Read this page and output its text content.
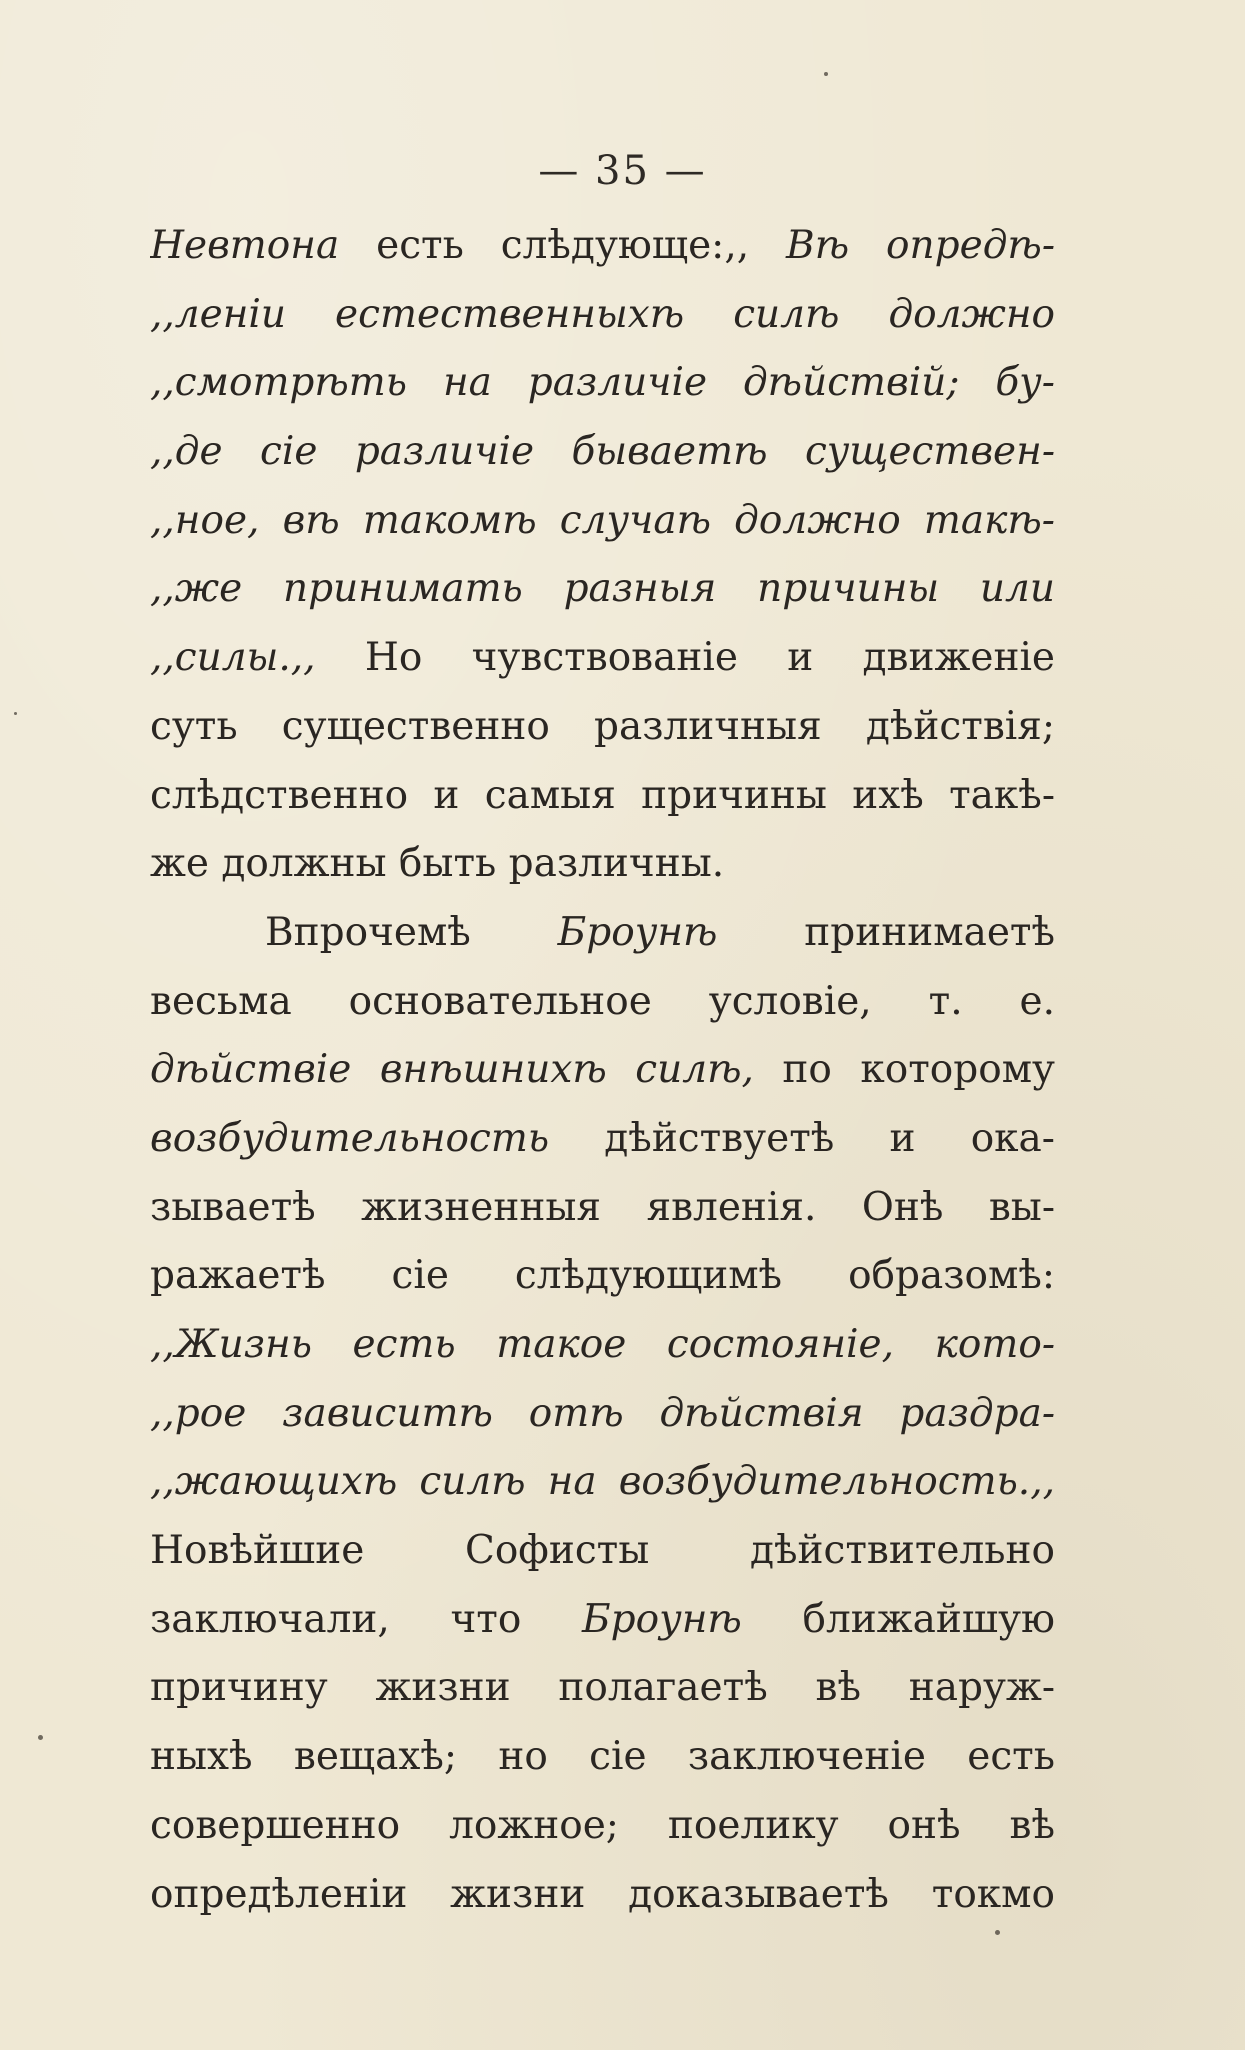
— 35 —
Невтона есть слѣдующе:,, Вѣ опредѣ-
,,леніи естественныхѣ силѣ должно
,,смотрѣть на различіе дѣйствій; бу-
,,де сіе различіе бываетѣ существен-
,,ное, вѣ такомѣ случаѣ должно такѣ-
,,же принимать разныя причины или
,,силы.,, Но чувствованіе и движеніе
суть существенно различныя дѣйствія;
слѣдственно и самыя причины ихѣ такѣ-
же должны быть различны.
Впрочемѣ Броунѣ принимаетѣ
весьма основательное условіе, т. е.
дѣйствіе внѣшнихѣ силѣ, по которому
возбудительность дѣйствуетѣ и ока-
зываетѣ жизненныя явленія. Онѣ вы-
ражаетѣ сіе слѣдующимѣ образомѣ:
,,Жизнь есть такое состояніе, кото-
,,рое зависитѣ отѣ дѣйствія раздра-
,,жающихѣ силѣ на возбудительность.,,
Новѣйшие Софисты дѣйствительно
заключали, что Броунѣ ближайшую
причину жизни полагаетѣ вѣ наруж-
ныхѣ вещахѣ; но сіе заключеніе есть
совершенно ложное; поелику онѣ вѣ
опредѣленіи жизни доказываетѣ токмо
